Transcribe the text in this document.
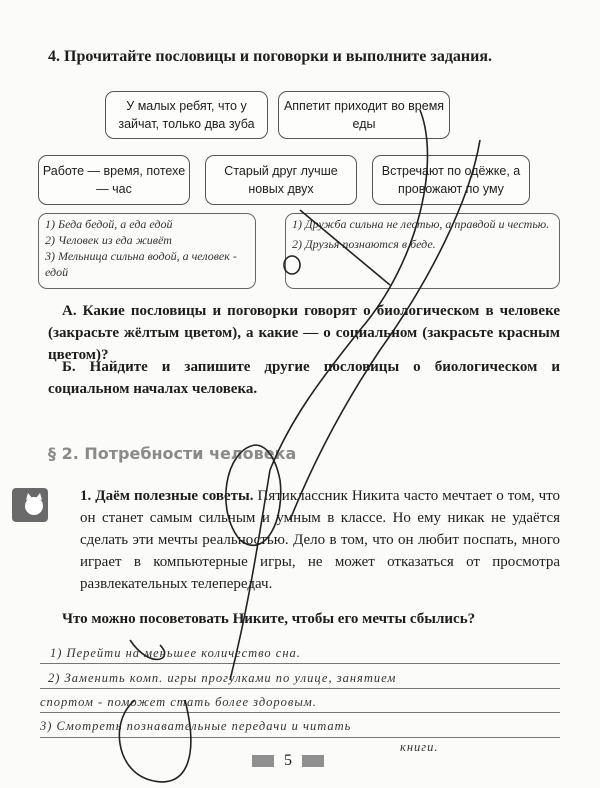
4. Прочитайте пословицы и поговорки и выполните задания.
У малых ребят, что у зайчат, только два зуба
Аппетит приходит во время еды
Работе — время, потехе — час
Старый друг лучше новых двух
Встречают по одёжке, а провожают по уму
1) Беда бедой, а еда едой
2) Человек из еда живёт
3) Мельница сильна водой, а человек - едой
1) Дружба сильна не лестью, а правдой и честью.
2) Друзья познаются в беде.
А. Какие пословицы и поговорки говорят о биологическом в человеке (закрасьте жёлтым цветом), а какие — о социальном (закрасьте красным цветом)?
Б. Найдите и запишите другие пословицы о биологическом и социальном началах человека.
§ 2. Потребности человека
1. Даём полезные советы. Пятиклассник Никита часто мечтает о том, что он станет самым сильным и умным в классе. Но ему никак не удаётся сделать эти мечты реальностью. Дело в том, что он любит поспать, много играет в компьютерные игры, не может отказаться от просмотра развлекательных телепередач.
Что можно посоветовать Никите, чтобы его мечты сбылись?
1) Перейти на меньшее количество сна.
2) Заменить комп. игры прогулками по улице, занятием
спортом - поможет стать более здоровым.
3) Смотреть познавательные передачи и читать
книги.
5
